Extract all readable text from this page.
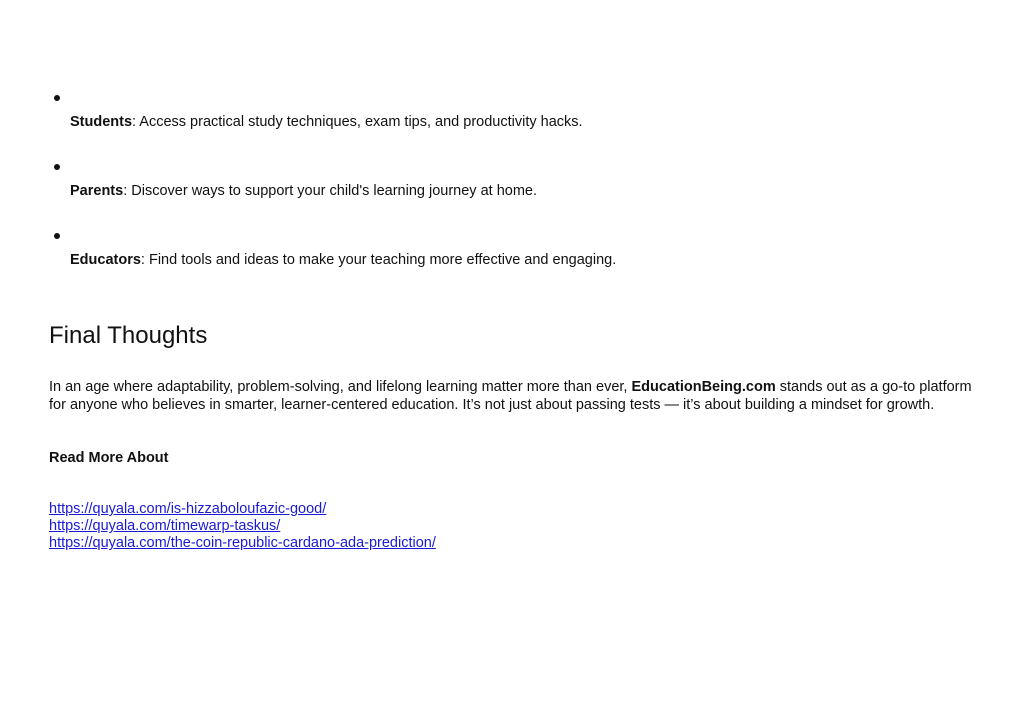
Students: Access practical study techniques, exam tips, and productivity hacks.
Parents: Discover ways to support your child's learning journey at home.
Educators: Find tools and ideas to make your teaching more effective and engaging.
Final Thoughts

In an age where adaptability, problem-solving, and lifelong learning matter more than ever, EducationBeing.com stands out as a go-to platform for anyone who believes in smarter, learner-centered education. It’s not just about passing tests — it’s about building a mindset for growth.

Read More About

https://quyala.com/is-hizzaboloufazic-good/
https://quyala.com/timewarp-taskus/
https://quyala.com/the-coin-republic-cardano-ada-prediction/
